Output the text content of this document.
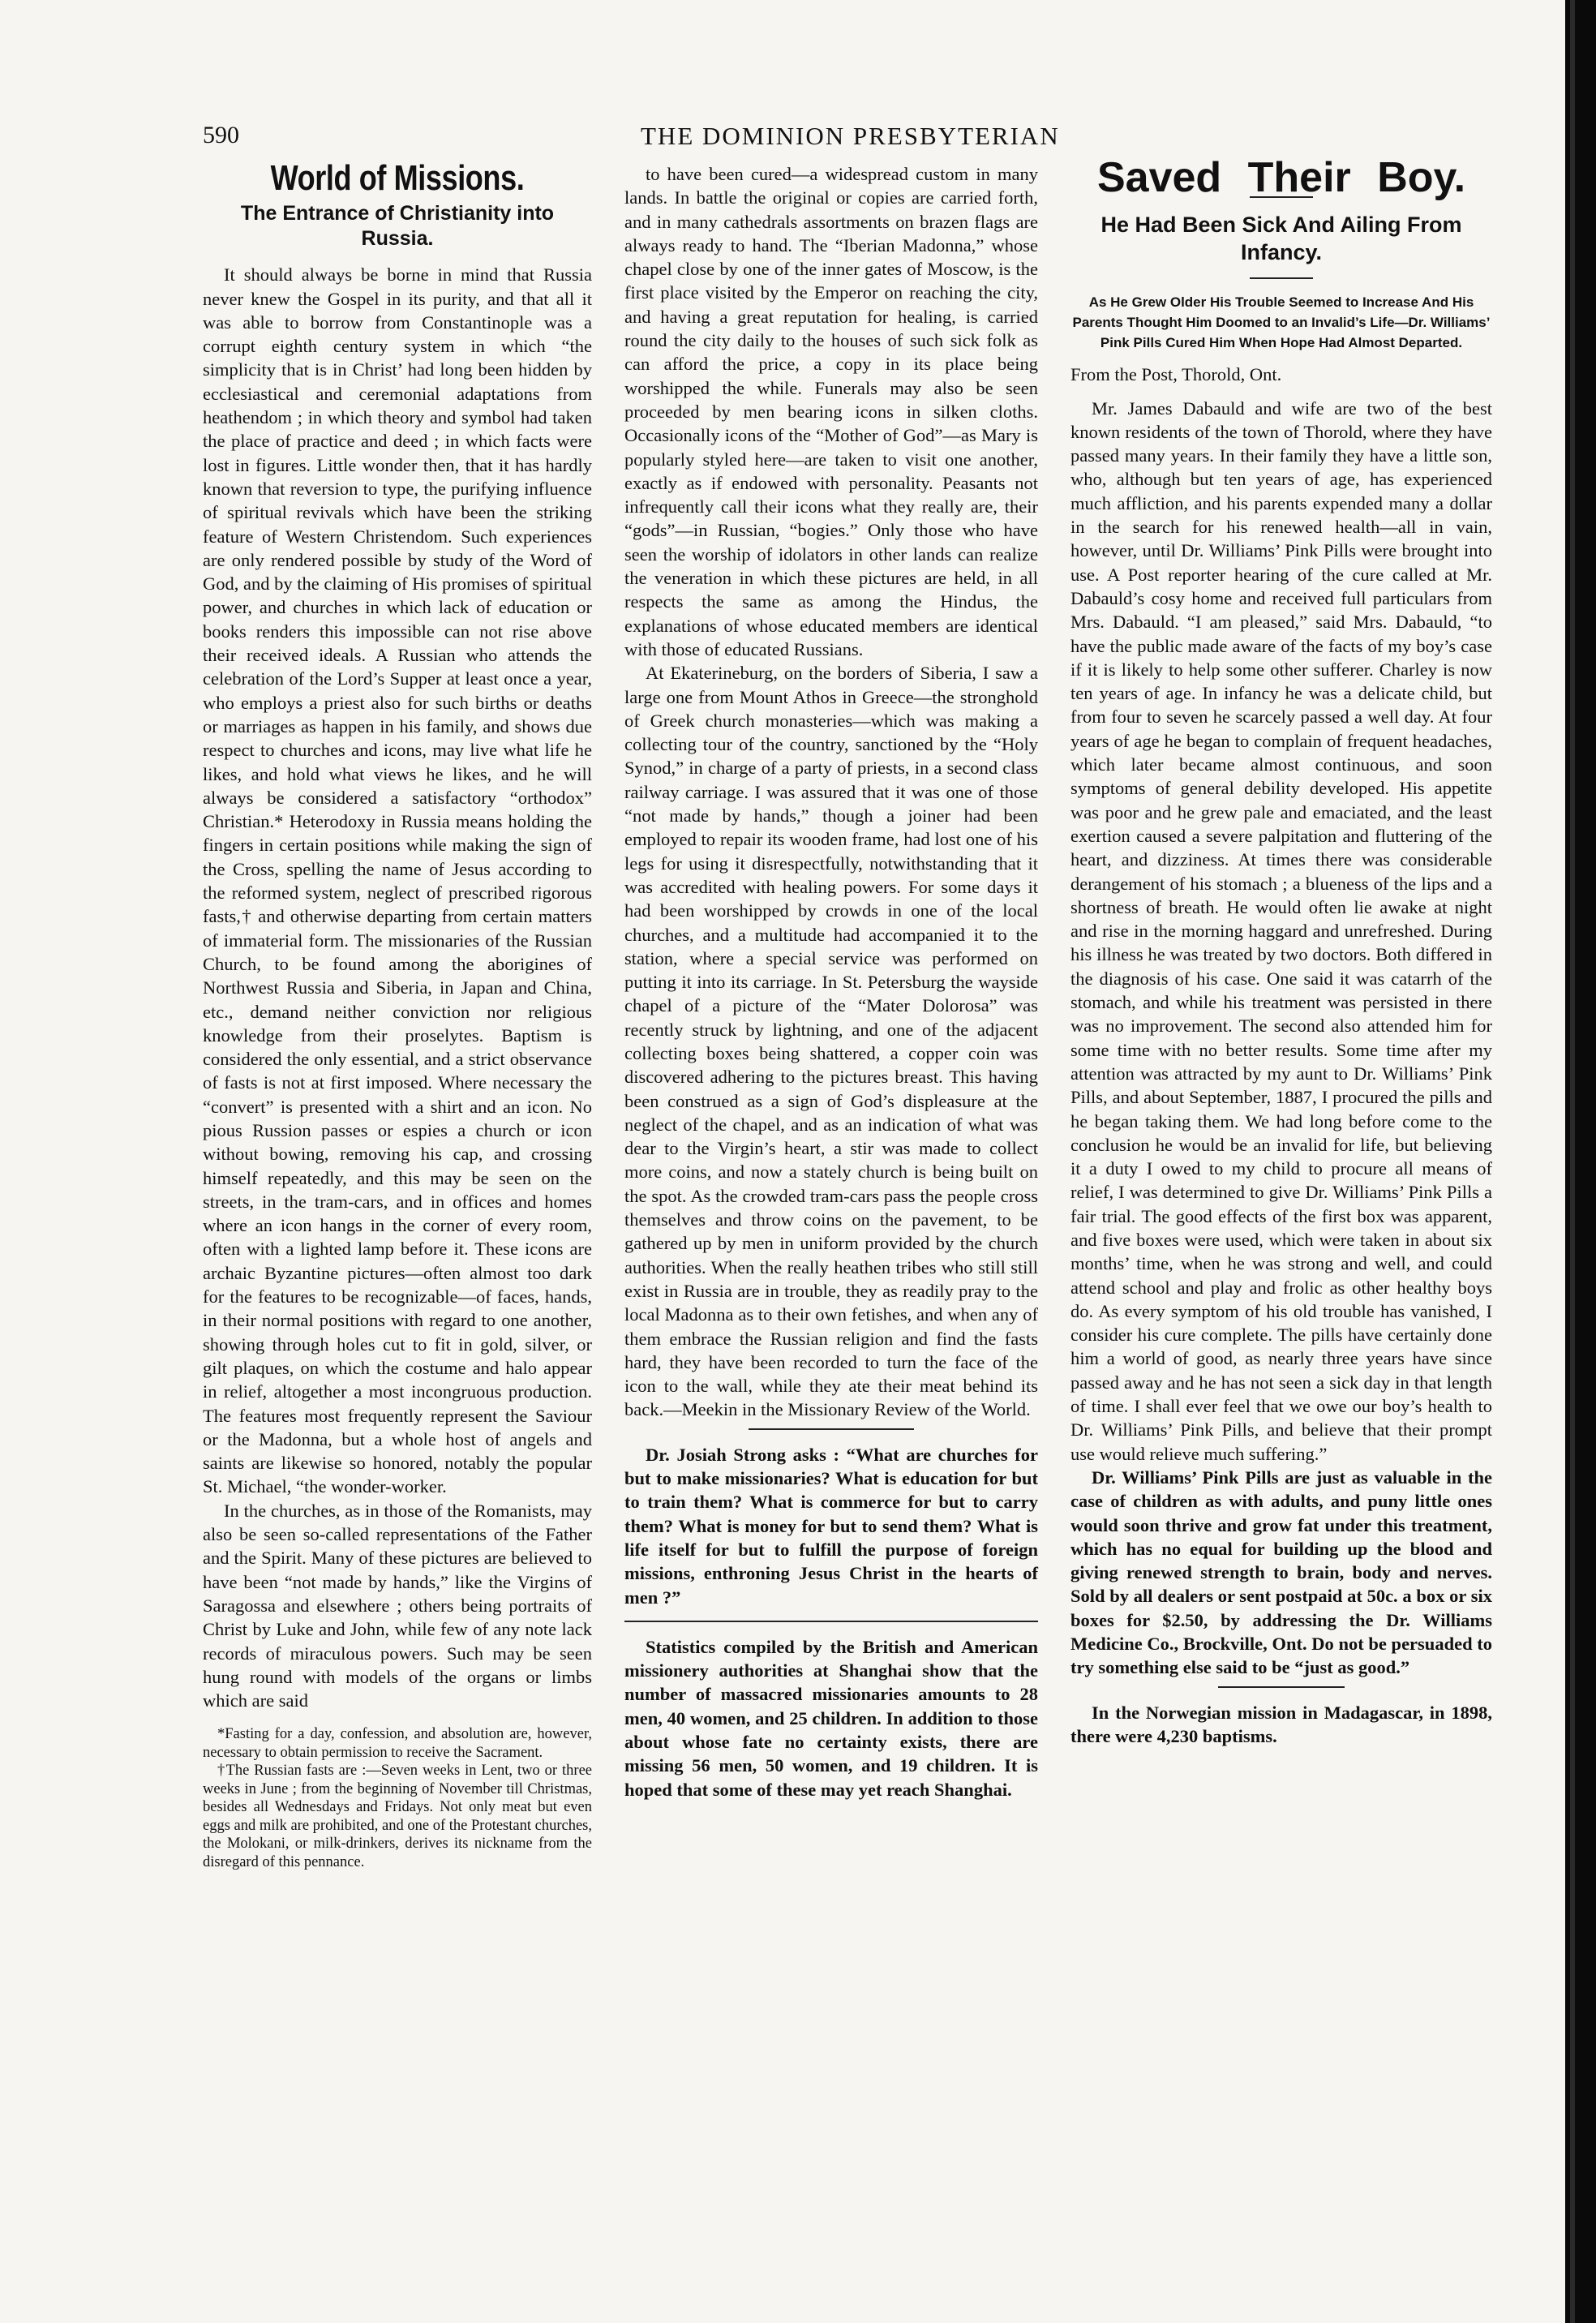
590	THE DOMINION PRESBYTERIAN
World of Missions.
The Entrance of Christianity into Russia.

It should always be borne in mind that Russia never knew the Gospel in its purity, and that all it was able to borrow from Constantinople was a corrupt eighth century system in which “the simplicity that is in Christ’ had long been hidden by ecclesiastical and ceremonial adaptations from heathendom ; in which theory and symbol had taken the place of practice and deed ; in which facts were lost in figures. Little wonder then, that it has hardly known that reversion to type, the purifying influence of spiritual revivals which have been the striking feature of Western Christendom. Such experiences are only rendered possible by study of the Word of God, and by the claiming of His promises of spiritual power, and churches in which lack of education or books renders this impossible can not rise above their received ideals. A Russian who attends the celebration of the Lord’s Supper at least once a year, who employs a priest also for such births or deaths or marriages as happen in his family, and shows due respect to churches and icons, may live what life he likes, and hold what views he likes, and he will always be considered a satisfactory “orthodox” Christian.* Heterodoxy in Russia means holding the fingers in certain positions while making the sign of the Cross, spelling the name of Jesus according to the reformed system, neglect of prescribed rigorous fasts,† and otherwise departing from certain matters of immaterial form. The missionaries of the Russian Church, to be found among the aborigines of Northwest Russia and Siberia, in Japan and China, etc., demand neither conviction nor religious knowledge from their proselytes. Baptism is considered the only essential, and a strict observance of fasts is not at first imposed. Where necessary the “convert” is presented with a shirt and an icon. No pious Russion passes or espies a church or icon without bowing, removing his cap, and crossing himself repeatedly, and this may be seen on the streets, in the tram-cars, and in offices and homes where an icon hangs in the corner of every room, often with a lighted lamp before it. These icons are archaic Byzantine pictures—often almost too dark for the features to be recognizable—of faces, hands, in their normal positions with regard to one another, showing through holes cut to fit in gold, silver, or gilt plaques, on which the costume and halo appear in relief, altogether a most incongruous production. The features most frequently represent the Saviour or the Madonna, but a whole host of angels and saints are likewise so honored, notably the popular St. Michael, “the wonder-worker.

In the churches, as in those of the Romanists, may also be seen so-called representations of the Father and the Spirit. Many of these pictures are believed to have been “not made by hands,” like the Virgins of Saragossa and elsewhere ; others being portraits of Christ by Luke and John, while few of any note lack records of miraculous powers. Such may be seen hung round with models of the organs or limbs which are said

*Fasting for a day, confession, and absolution are, however, necessary to obtain permission to receive the Sacrament.

†The Russian fasts are :—Seven weeks in Lent, two or three weeks in June ; from the beginning of November till Christmas, besides all Wednesdays and Fridays. Not only meat but even eggs and milk are prohibited, and one of the Protestant churches, the Molokani, or milk-drinkers, derives its nickname from the disregard of this pennance.

to have been cured—a widespread custom in many lands. In battle the original or copies are carried forth, and in many cathedrals assortments on brazen flags are always ready to hand. The “Iberian Madonna,” whose chapel close by one of the inner gates of Moscow, is the first place visited by the Emperor on reaching the city, and having a great reputation for healing, is carried round the city daily to the houses of such sick folk as can afford the price, a copy in its place being worshipped the while. Funerals may also be seen proceeded by men bearing icons in silken cloths. Occasionally icons of the “Mother of God”—as Mary is popularly styled here—are taken to visit one another, exactly as if endowed with personality. Peasants not infrequently call their icons what they really are, their “gods”—in Russian, “bogies.” Only those who have seen the worship of idolators in other lands can realize the veneration in which these pictures are held, in all respects the same as among the Hindus, the explanations of whose educated members are identical with those of educated Russians.

At Ekaterineburg, on the borders of Siberia, I saw a large one from Mount Athos in Greece—the stronghold of Greek church monasteries—which was making a collecting tour of the country, sanctioned by the “Holy Synod,” in charge of a party of priests, in a second class railway carriage. I was assured that it was one of those “not made by hands,” though a joiner had been employed to repair its wooden frame, had lost one of his legs for using it disrespectfully, notwithstanding that it was accredited with healing powers. For some days it had been worshipped by crowds in one of the local churches, and a multitude had accompanied it to the station, where a special service was performed on putting it into its carriage. In St. Petersburg the wayside chapel of a picture of the “Mater Dolorosa” was recently struck by lightning, and one of the adjacent collecting boxes being shattered, a copper coin was discovered adhering to the pictures breast. This having been construed as a sign of God’s displeasure at the neglect of the chapel, and as an indication of what was dear to the Virgin’s heart, a stir was made to collect more coins, and now a stately church is being built on the spot. As the crowded tram-cars pass the people cross themselves and throw coins on the pavement, to be gathered up by men in uniform provided by the church authorities. When the really heathen tribes who still still exist in Russia are in trouble, they as readily pray to the local Madonna as to their own fetishes, and when any of them embrace the Russian religion and find the fasts hard, they have been recorded to turn the face of the icon to the wall, while they ate their meat behind its back.—Meekin in the Missionary Review of the World.

Dr. Josiah Strong asks : “What are churches for but to make missionaries? What is education for but to train them? What is commerce for but to carry them? What is money for but to send them? What is life itself for but to fulfill the purpose of foreign missions, enthroning Jesus Christ in the hearts of men ?”

Statistics compiled by the British and American missionery authorities at Shanghai show that the number of massacred missionaries amounts to 28 men, 40 women, and 25 children. In addition to those about whose fate no certainty exists, there are missing 56 men, 50 women, and 19 children. It is hoped that some of these may yet reach Shanghai.

Saved Their Boy.
He Had Been Sick And Ailing From Infancy.
As He Grew Older His Trouble Seemed to Increase And His Parents Thought Him Doomed to an Invalid’s Life—Dr. Williams’ Pink Pills Cured Him When Hope Had Almost Departed.

From the Post, Thorold, Ont.

Mr. James Dabauld and wife are two of the best known residents of the town of Thorold, where they have passed many years. In their family they have a little son, who, although but ten years of age, has experienced much affliction, and his parents expended many a dollar in the search for his renewed health—all in vain, however, until Dr. Williams’ Pink Pills were brought into use. A Post reporter hearing of the cure called at Mr. Dabauld’s cosy home and received full particulars from Mrs. Dabauld. “I am pleased,” said Mrs. Dabauld, “to have the public made aware of the facts of my boy’s case if it is likely to help some other sufferer. Charley is now ten years of age. In infancy he was a delicate child, but from four to seven he scarcely passed a well day. At four years of age he began to complain of frequent headaches, which later became almost continuous, and soon symptoms of general debility developed. His appetite was poor and he grew pale and emaciated, and the least exertion caused a severe palpitation and fluttering of the heart, and dizziness. At times there was considerable derangement of his stomach ; a blueness of the lips and a shortness of breath. He would often lie awake at night and rise in the morning haggard and unrefreshed. During his illness he was treated by two doctors. Both differed in the diagnosis of his case. One said it was catarrh of the stomach, and while his treatment was persisted in there was no improvement. The second also attended him for some time with no better results. Some time after my attention was attracted by my aunt to Dr. Williams’ Pink Pills, and about September, 1887, I procured the pills and he began taking them. We had long before come to the conclusion he would be an invalid for life, but believing it a duty I owed to my child to procure all means of relief, I was determined to give Dr. Williams’ Pink Pills a fair trial. The good effects of the first box was apparent, and five boxes were used, which were taken in about six months’ time, when he was strong and well, and could attend school and play and frolic as other healthy boys do. As every symptom of his old trouble has vanished, I consider his cure complete. The pills have certainly done him a world of good, as nearly three years have since passed away and he has not seen a sick day in that length of time. I shall ever feel that we owe our boy’s health to Dr. Williams’ Pink Pills, and believe that their prompt use would relieve much suffering.”

Dr. Williams’ Pink Pills are just as valuable in the case of children as with adults, and puny little ones would soon thrive and grow fat under this treatment, which has no equal for building up the blood and giving renewed strength to brain, body and nerves. Sold by all dealers or sent postpaid at 50c. a box or six boxes for $2.50, by addressing the Dr. Williams Medicine Co., Brockville, Ont. Do not be persuaded to try something else said to be “just as good.”

In the Norwegian mission in Madagascar, in 1898, there were 4,230 baptisms.
